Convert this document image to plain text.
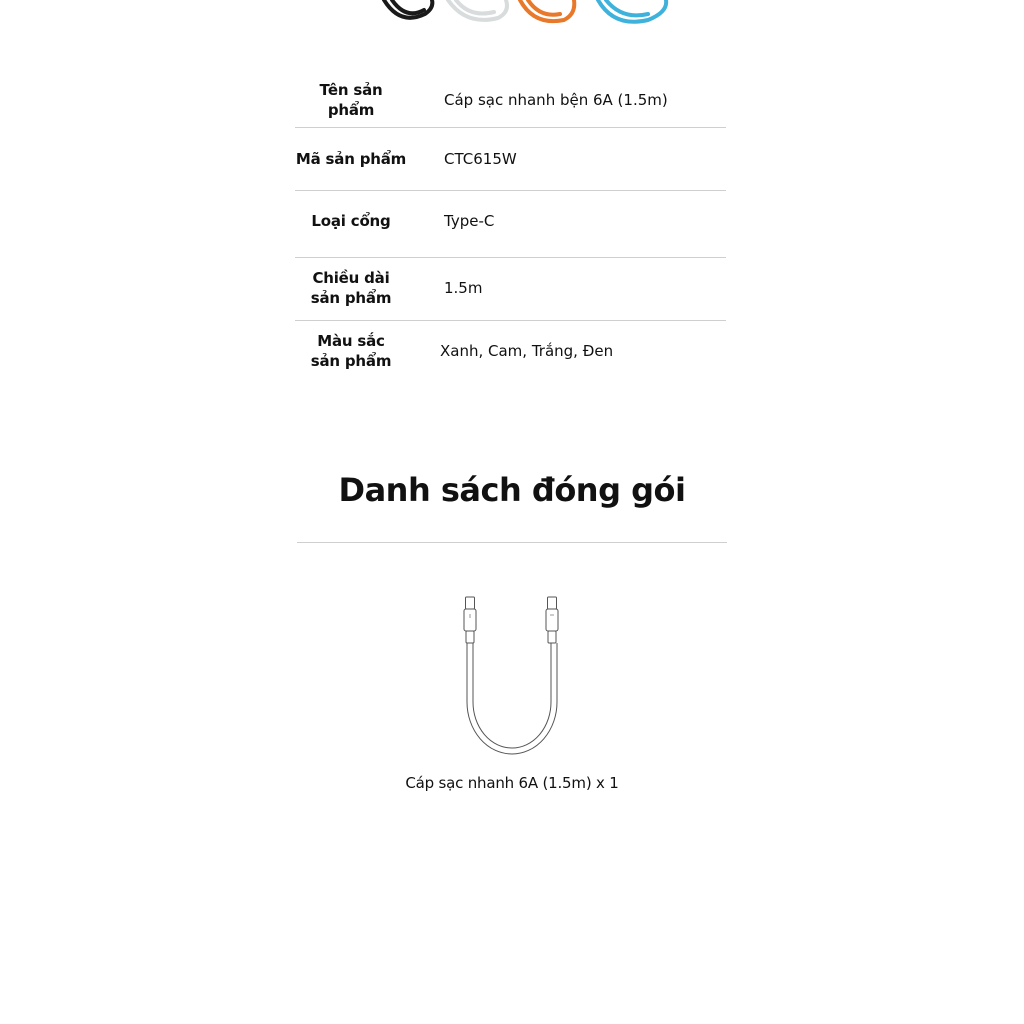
Tên sản phẩm
Cáp sạc nhanh bện 6A (1.5m)
Mã sản phẩm	CTC615W
Loại cổng	Type-C
Chiều dài
sản phẩm
1.5m
Màu sắc
sản phẩm
Xanh, Cam, Trắng, Đen
Danh sách đóng gói
Cáp sạc nhanh 6A (1.5m) x 1
